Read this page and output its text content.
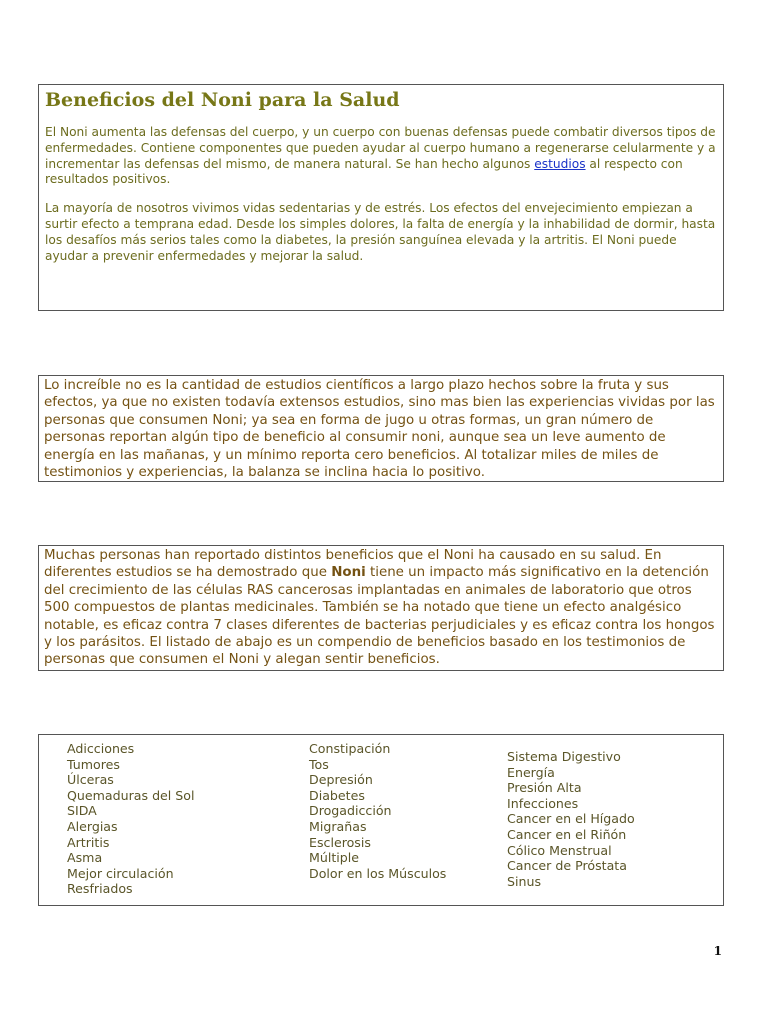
Beneficios del Noni para la Salud

El Noni aumenta las defensas del cuerpo, y un cuerpo con buenas defensas puede combatir diversos tipos de enfermedades. Contiene componentes que pueden ayudar al cuerpo humano a regenerarse celularmente y a incrementar las defensas del mismo, de manera natural. Se han hecho algunos estudios al respecto con resultados positivos.

La mayoría de nosotros vivimos vidas sedentarias y de estrés. Los efectos del envejecimiento empiezan a surtir efecto a temprana edad. Desde los simples dolores, la falta de energía y la inhabilidad de dormir, hasta los desafíos más serios tales como la diabetes, la presión sanguínea elevada y la artritis. El Noni puede ayudar a prevenir enfermedades y mejorar la salud.

Lo increíble no es la cantidad de estudios científicos a largo plazo hechos sobre la fruta y sus efectos, ya que no existen todavía extensos estudios, sino mas bien las experiencias vividas por las personas que consumen Noni; ya sea en forma de jugo u otras formas, un gran número de personas reportan algún tipo de beneficio al consumir noni, aunque sea un leve aumento de energía en las mañanas, y un mínimo reporta cero beneficios. Al totalizar miles de miles de testimonios y experiencias, la balanza se inclina hacia lo positivo.

Muchas personas han reportado distintos beneficios que el Noni ha causado en su salud. En diferentes estudios se ha demostrado que Noni tiene un impacto más significativo en la detención del crecimiento de las células RAS cancerosas implantadas en animales de laboratorio que otros 500 compuestos de plantas medicinales. También se ha notado que tiene un efecto analgésico notable, es eficaz contra 7 clases diferentes de bacterias perjudiciales y es eficaz contra los hongos y los parásitos. El listado de abajo es un compendio de beneficios basado en los testimonios de personas que consumen el Noni y alegan sentir beneficios.

Adicciones
Tumores
Úlceras
Quemaduras del Sol
SIDA
Alergias
Artritis
Asma
Mejor circulación
Resfriados
Constipación
Tos
Depresión
Diabetes
Drogadicción
Migrañas
Esclerosis
Múltiple
Dolor en los Músculos
Sistema Digestivo
Energía
Presión Alta
Infecciones
Cancer en el Hígado
Cancer en el Riñón
Cólico Menstrual
Cancer de Próstata
Sinus
1
